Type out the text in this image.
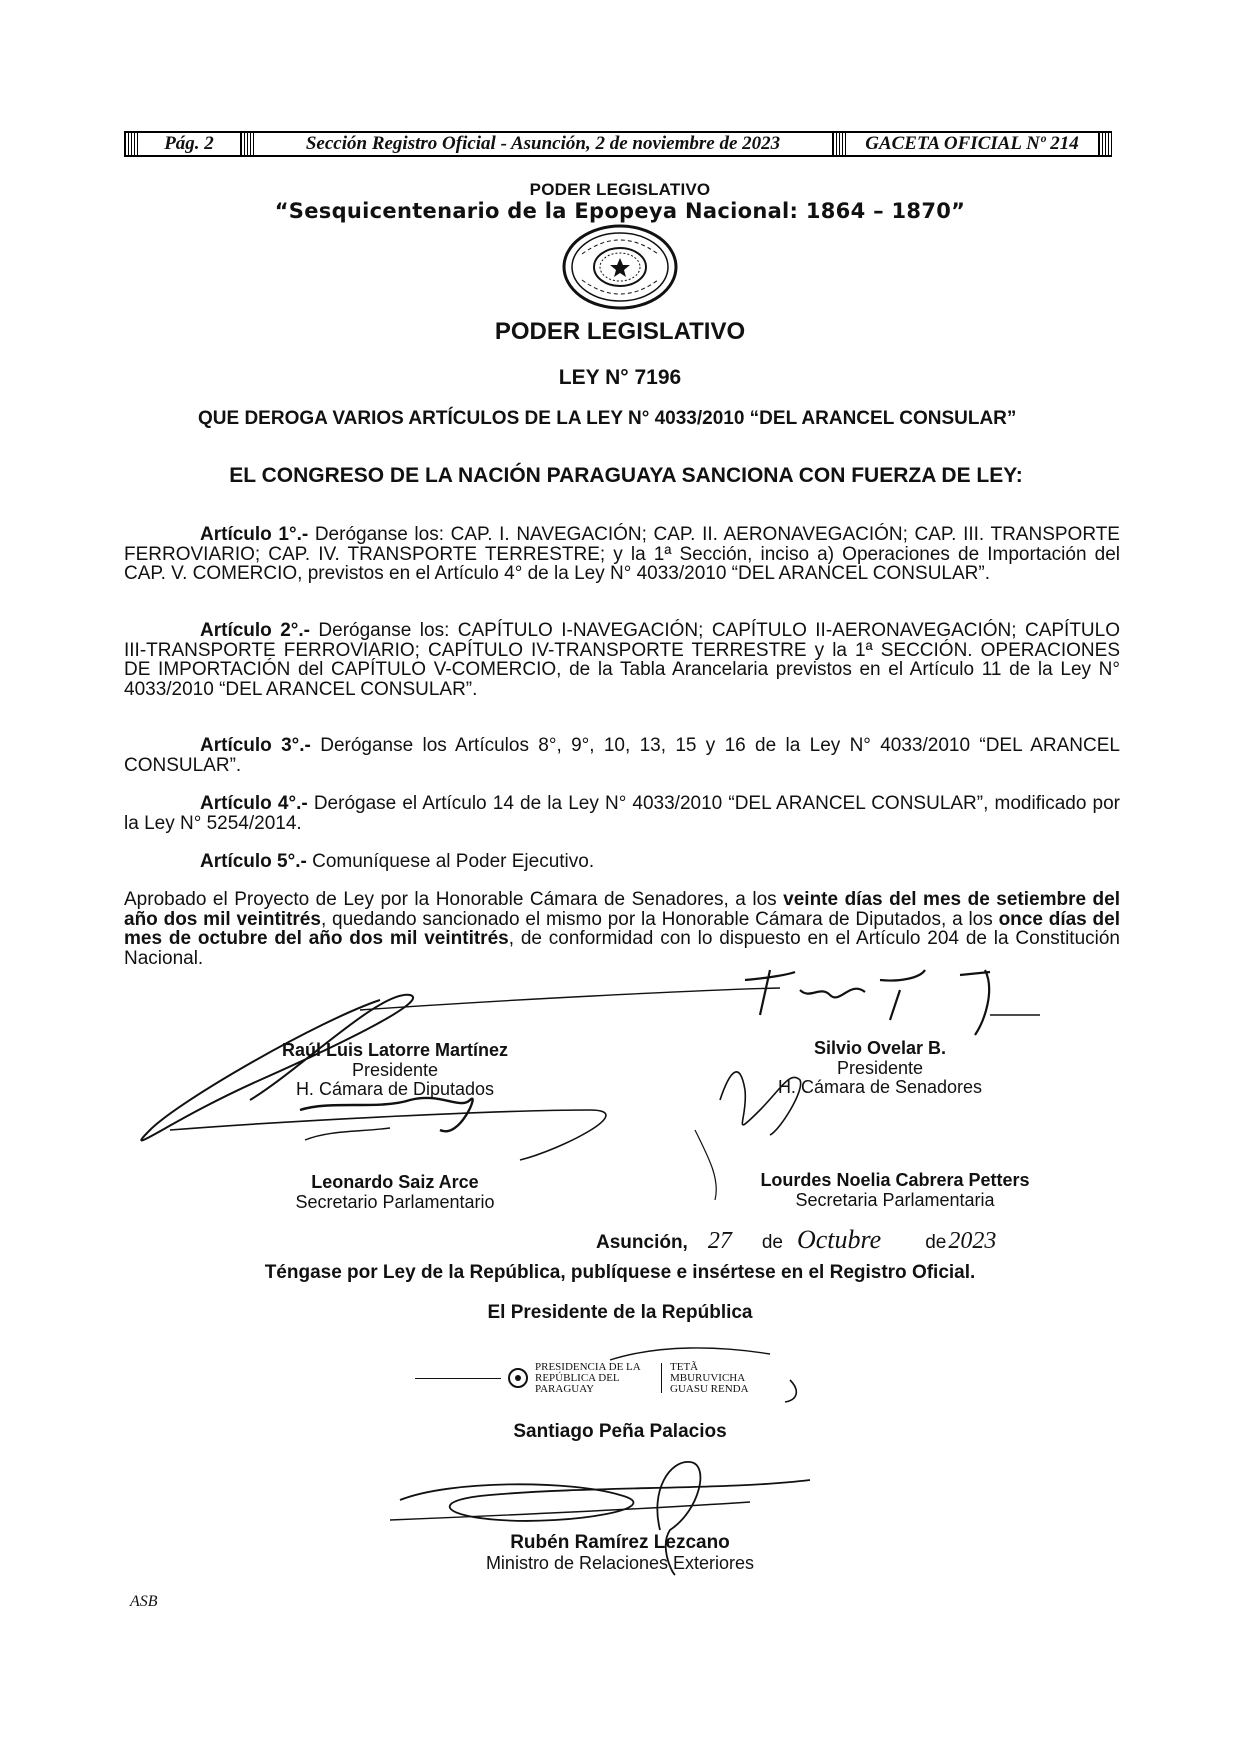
Pág. 2	Sección Registro Oficial - Asunción, 2 de noviembre de 2023	GACETA OFICIAL Nº 214
PODER LEGISLATIVO
“Sesquicentenario de la Epopeya Nacional: 1864 – 1870”
PODER LEGISLATIVO
LEY N° 7196
QUE DEROGA VARIOS ARTÍCULOS DE LA LEY N° 4033/2010 “DEL ARANCEL CONSULAR”
EL CONGRESO DE LA NACIÓN PARAGUAYA SANCIONA CON FUERZA DE LEY:
Artículo 1°.- Deróganse los: CAP. I. NAVEGACIÓN; CAP. II. AERONAVEGACIÓN; CAP. III. TRANSPORTE FERROVIARIO; CAP. IV. TRANSPORTE TERRESTRE; y la 1ª Sección, inciso a) Operaciones de Importación del CAP. V. COMERCIO, previstos en el Artículo 4° de la Ley N° 4033/2010 “DEL ARANCEL CONSULAR”.
Artículo 2°.- Deróganse los: CAPÍTULO I-NAVEGACIÓN; CAPÍTULO II-AERONAVEGACIÓN; CAPÍTULO III-TRANSPORTE FERROVIARIO; CAPÍTULO IV-TRANSPORTE TERRESTRE y la 1ª SECCIÓN. OPERACIONES DE IMPORTACIÓN del CAPÍTULO V-COMERCIO, de la Tabla Arancelaria previstos en el Artículo 11 de la Ley N° 4033/2010 “DEL ARANCEL CONSULAR”.
Artículo 3°.- Deróganse los Artículos 8°, 9°, 10, 13, 15 y 16 de la Ley N° 4033/2010 “DEL ARANCEL CONSULAR”.
Artículo 4°.- Derógase el Artículo 14 de la Ley N° 4033/2010 “DEL ARANCEL CONSULAR”, modificado por la Ley N° 5254/2014.
Artículo 5°.- Comuníquese al Poder Ejecutivo.
Aprobado el Proyecto de Ley por la Honorable Cámara de Senadores, a los veinte días del mes de setiembre del año dos mil veintitrés, quedando sancionado el mismo por la Honorable Cámara de Diputados, a los once días del mes de octubre del año dos mil veintitrés, de conformidad con lo dispuesto en el Artículo 204 de la Constitución Nacional.
Raúl Luis Latorre Martínez
Presidente
H. Cámara de Diputados
Silvio Ovelar B.
Presidente
H. Cámara de Senadores
Leonardo Saiz Arce
Secretario Parlamentario
Lourdes Noelia Cabrera Petters
Secretaria Parlamentaria
Asunción, 27 de Octubre de 2023
Téngase por Ley de la República, publíquese e insértese en el Registro Oficial.
El Presidente de la República
PRESIDENCIA DE LA REPÚBLICA DEL PARAGUAY
TETÃ MBURUVICHA GUASU RENDA
Santiago Peña Palacios
Rubén Ramírez Lezcano
Ministro de Relaciones Exteriores
ASB
